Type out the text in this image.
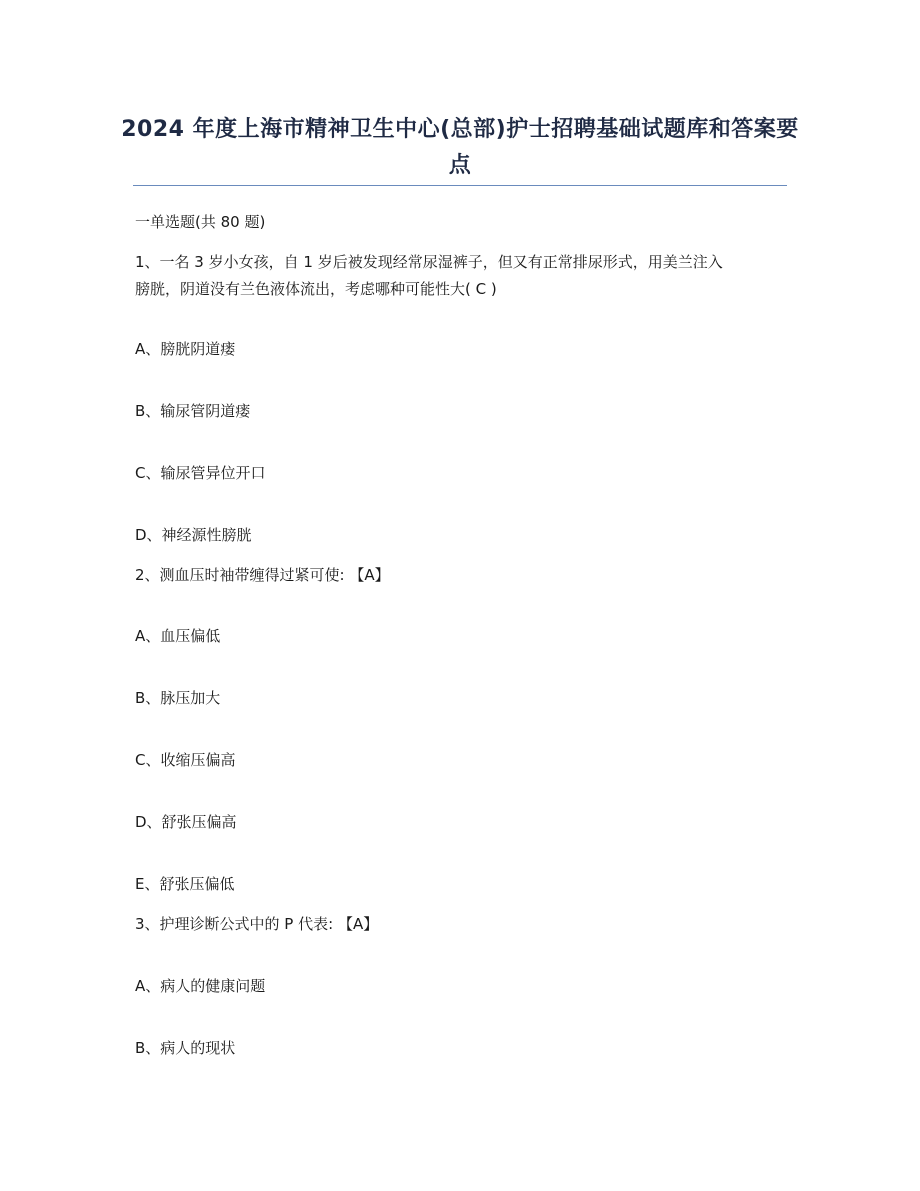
2024 年度上海市精神卫生中心(总部)护士招聘基础试题库和答案要点
一单选题(共 80 题)
1、一名 3 岁小女孩，自 1 岁后被发现经常尿湿裤子，但又有正常排尿形式，用美兰注入
膀胱，阴道没有兰色液体流出，考虑哪种可能性大( C )
A、膀胱阴道瘘
B、输尿管阴道瘘
C、输尿管异位开口
D、神经源性膀胱
2、测血压时袖带缠得过紧可使: 【A】
A、血压偏低
B、脉压加大
C、收缩压偏高
D、舒张压偏高
E、舒张压偏低
3、护理诊断公式中的 P 代表: 【A】
A、病人的健康问题
B、病人的现状
